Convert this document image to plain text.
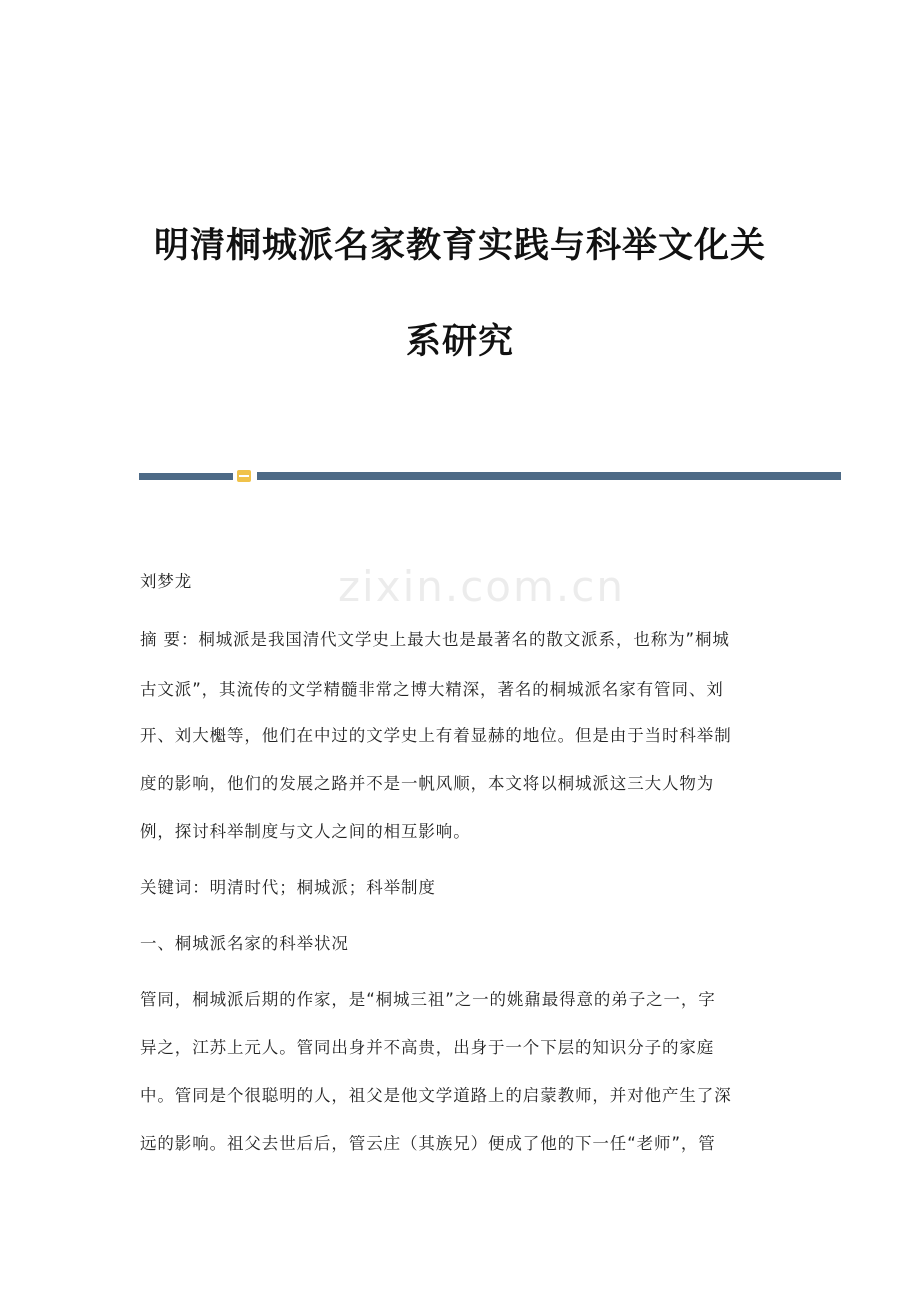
明清桐城派名家教育实践与科举文化关
系研究
zixin.com.cn
刘梦龙
摘 要：桐城派是我国清代文学史上最大也是最著名的散文派系，也称为”桐城
古文派”，其流传的文学精髓非常之博大精深，著名的桐城派名家有管同、刘
开、刘大櫆等，他们在中过的文学史上有着显赫的地位。但是由于当时科举制
度的影响，他们的发展之路并不是一帆风顺，本文将以桐城派这三大人物为
例，探讨科举制度与文人之间的相互影响。
关键词：明清时代；桐城派；科举制度
一、桐城派名家的科举状况
管同，桐城派后期的作家，是“桐城三祖”之一的姚鼐最得意的弟子之一，字
异之，江苏上元人。管同出身并不高贵，出身于一个下层的知识分子的家庭
中。管同是个很聪明的人，祖父是他文学道路上的启蒙教师，并对他产生了深
远的影响。祖父去世后后，管云庄（其族兄）便成了他的下一任“老师”，管
